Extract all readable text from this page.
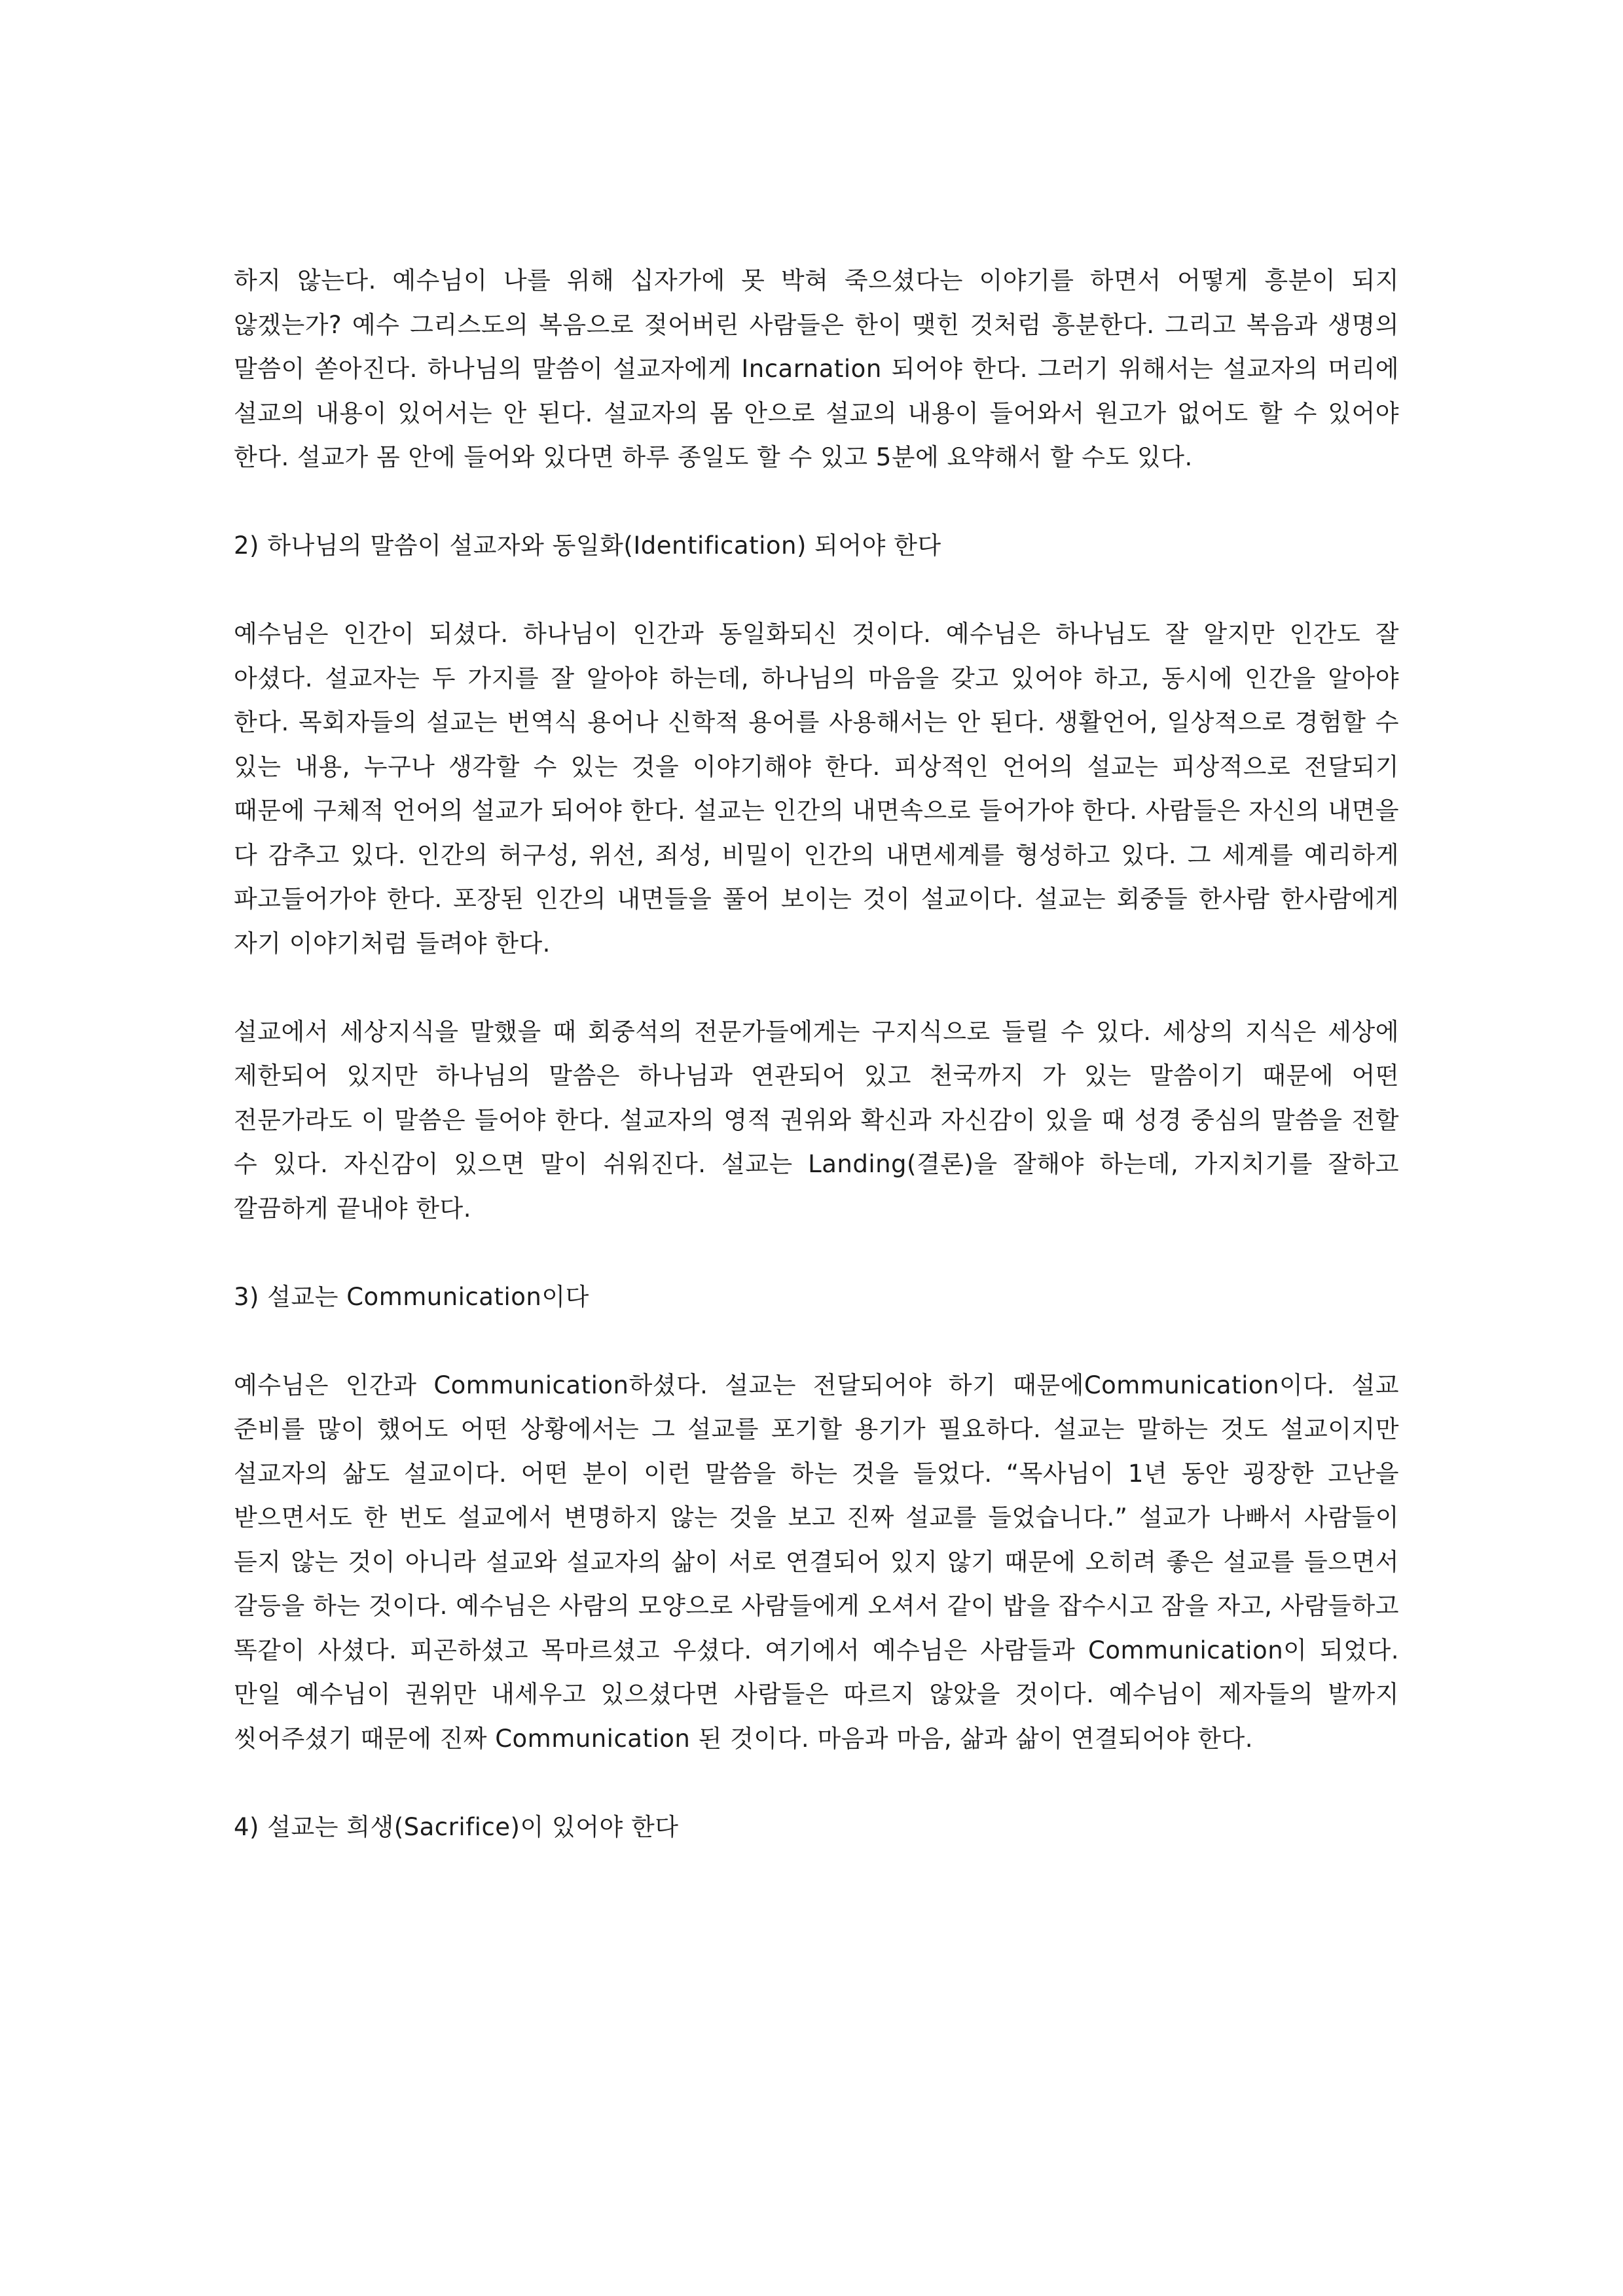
하지 않는다. 예수님이 나를 위해 십자가에 못 박혀 죽으셨다는 이야기를 하면서 어떻게 흥분이 되지 않겠는가? 예수 그리스도의 복음으로 젖어버린 사람들은 한이 맺힌 것처럼 흥분한다. 그리고 복음과 생명의 말씀이 쏟아진다. 하나님의 말씀이 설교자에게 Incarnation 되어야 한다. 그러기 위해서는 설교자의 머리에 설교의 내용이 있어서는 안 된다. 설교자의 몸 안으로 설교의 내용이 들어와서 원고가 없어도 할 수 있어야 한다. 설교가 몸 안에 들어와 있다면 하루 종일도 할 수 있고 5분에 요약해서 할 수도 있다.

2) 하나님의 말씀이 설교자와 동일화(Identification) 되어야 한다

예수님은 인간이 되셨다. 하나님이 인간과 동일화되신 것이다. 예수님은 하나님도 잘 알지만 인간도 잘 아셨다. 설교자는 두 가지를 잘 알아야 하는데, 하나님의 마음을 갖고 있어야 하고, 동시에 인간을 알아야 한다. 목회자들의 설교는 번역식 용어나 신학적 용어를 사용해서는 안 된다. 생활언어, 일상적으로 경험할 수 있는 내용, 누구나 생각할 수 있는 것을 이야기해야 한다. 피상적인 언어의 설교는 피상적으로 전달되기 때문에 구체적 언어의 설교가 되어야 한다. 설교는 인간의 내면속으로 들어가야 한다. 사람들은 자신의 내면을 다 감추고 있다. 인간의 허구성, 위선, 죄성, 비밀이 인간의 내면세계를 형성하고 있다. 그 세계를 예리하게 파고들어가야 한다. 포장된 인간의 내면들을 풀어 보이는 것이 설교이다. 설교는 회중들 한사람 한사람에게 자기 이야기처럼 들려야 한다.

설교에서 세상지식을 말했을 때 회중석의 전문가들에게는 구지식으로 들릴 수 있다. 세상의 지식은 세상에 제한되어 있지만 하나님의 말씀은 하나님과 연관되어 있고 천국까지 가 있는 말씀이기 때문에 어떤 전문가라도 이 말씀은 들어야 한다. 설교자의 영적 권위와 확신과 자신감이 있을 때 성경 중심의 말씀을 전할 수 있다. 자신감이 있으면 말이 쉬워진다. 설교는 Landing(결론)을 잘해야 하는데, 가지치기를 잘하고 깔끔하게 끝내야 한다.

3) 설교는 Communication이다

예수님은 인간과 Communication하셨다. 설교는 전달되어야 하기 때문에Communication이다. 설교 준비를 많이 했어도 어떤 상황에서는 그 설교를 포기할 용기가 필요하다. 설교는 말하는 것도 설교이지만 설교자의 삶도 설교이다. 어떤 분이 이런 말씀을 하는 것을 들었다. “목사님이 1년 동안 굉장한 고난을 받으면서도 한 번도 설교에서 변명하지 않는 것을 보고 진짜 설교를 들었습니다.” 설교가 나빠서 사람들이 듣지 않는 것이 아니라 설교와 설교자의 삶이 서로 연결되어 있지 않기 때문에 오히려 좋은 설교를 들으면서 갈등을 하는 것이다. 예수님은 사람의 모양으로 사람들에게 오셔서 같이 밥을 잡수시고 잠을 자고, 사람들하고 똑같이 사셨다. 피곤하셨고 목마르셨고 우셨다. 여기에서 예수님은 사람들과 Communication이 되었다. 만일 예수님이 권위만 내세우고 있으셨다면 사람들은 따르지 않았을 것이다. 예수님이 제자들의 발까지 씻어주셨기 때문에 진짜 Communication 된 것이다. 마음과 마음, 삶과 삶이 연결되어야 한다.

4) 설교는 희생(Sacrifice)이 있어야 한다
